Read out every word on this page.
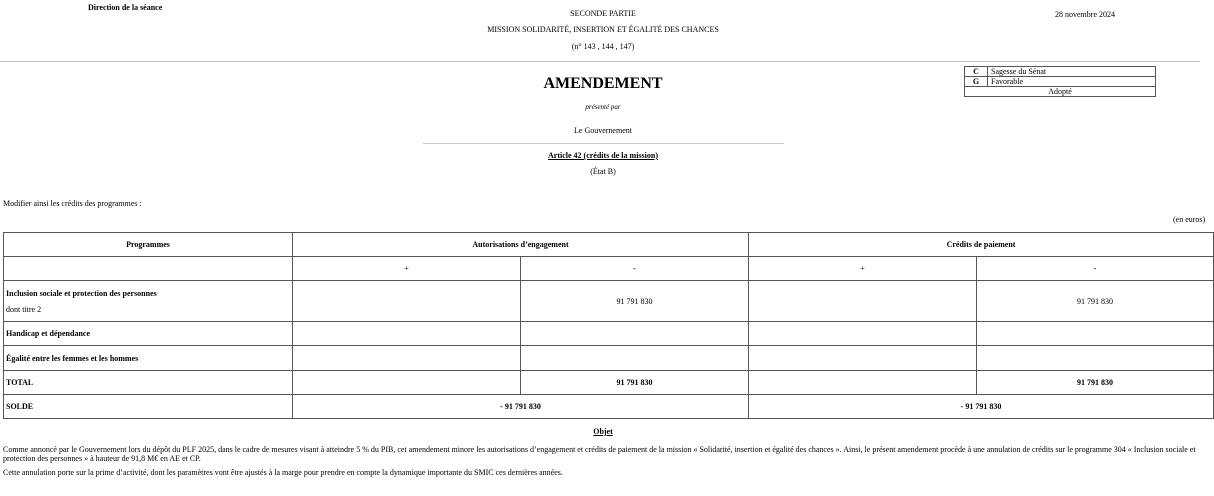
Direction de la séance
SECONDE PARTIE
MISSION SOLIDARITÉ, INSERTION ET ÉGALITÉ DES CHANCES
(n° 143 , 144 , 147)
28 novembre 2024
C	Sagesse du Sénat
G	Favorable
Adopté	
AMENDEMENT
présenté par
Le Gouvernement
Article 42 (crédits de la mission)
(État B)
Modifier ainsi les crédits des programmes :
(en euros)
Programmes	Autorisations d’engagement		Crédits de paiement	
	+	-	+	-

Inclusion sociale et protection des personnes
dont titre 2		91 791 830		91 791 830
Handicap et dépendance				
Égalité entre les femmes et les hommes				
TOTAL		91 791 830		91 791 830
SOLDE	- 91 791 830		- 91 791 830	
Objet
Comme annoncé par le Gouvernement lors du dépôt du PLF 2025, dans le cadre de mesures visant à atteindre 5 % du PIB, cet amendement minore les autorisations d’engagement et crédits de paiement de la mission « Solidarité, insertion et égalité des chances ». Ainsi, le présent amendement procède à une annulation de crédits sur le programme 304 « Inclusion sociale et protection des personnes » à hauteur de 91,8 M€ en AE et CP.
Cette annulation porte sur la prime d’activité, dont les paramètres vont être ajustés à la marge pour prendre en compte la dynamique importante du SMIC ces dernières années.
